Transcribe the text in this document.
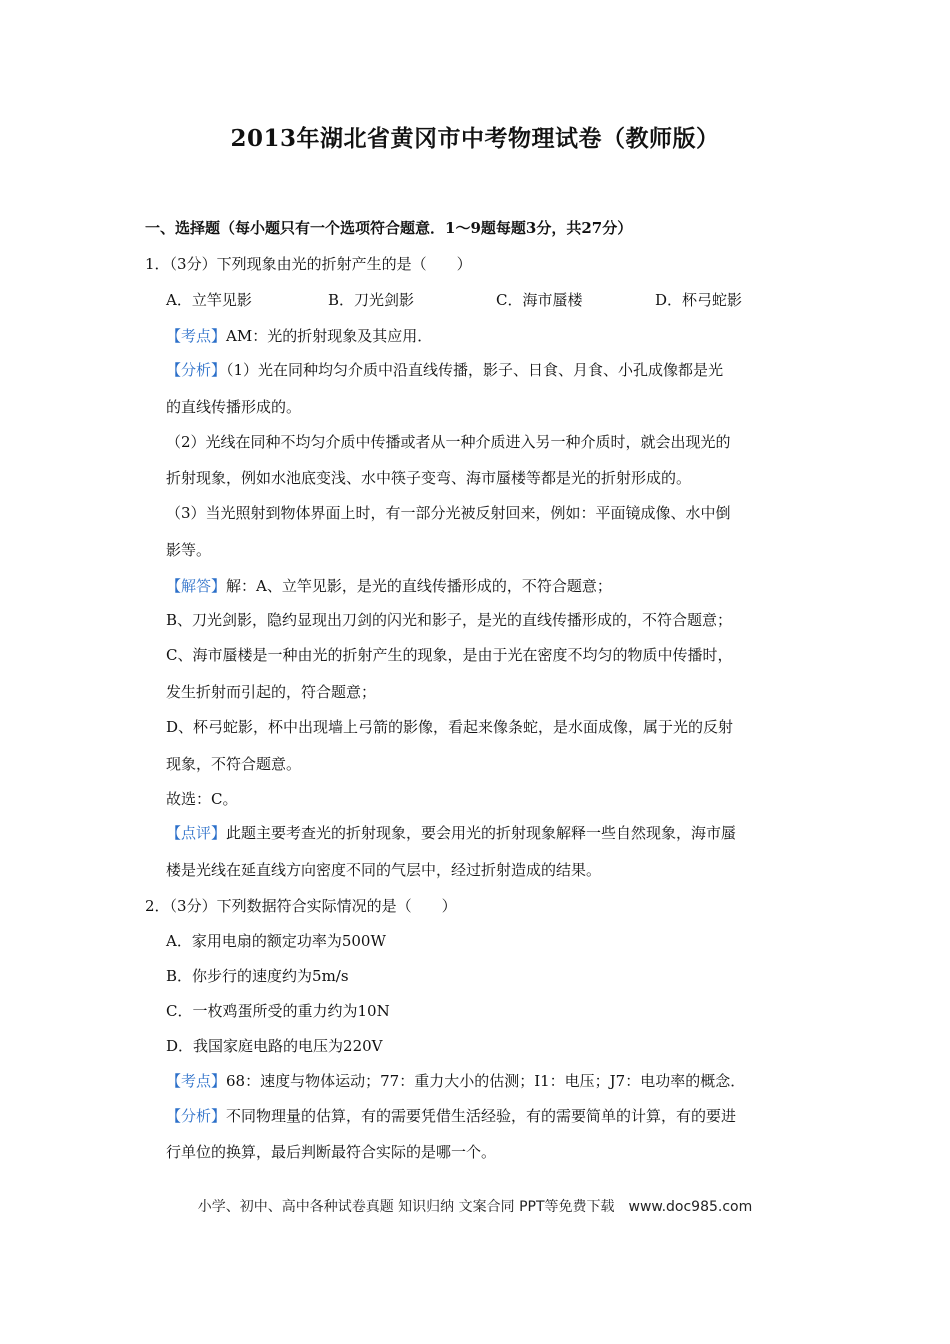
2013年湖北省黄冈市中考物理试卷（教师版）
一、选择题（每小题只有一个选项符合题意．1～9题每题3分，共27分）
1．（3分）下列现象由光的折射产生的是（　　）
A．立竿见影	B．刀光剑影	C．海市蜃楼	D．杯弓蛇影
【考点】AM：光的折射现象及其应用．
【分析】（1）光在同种均匀介质中沿直线传播，影子、日食、月食、小孔成像都是光
的直线传播形成的。
（2）光线在同种不均匀介质中传播或者从一种介质进入另一种介质时，就会出现光的
折射现象，例如水池底变浅、水中筷子变弯、海市蜃楼等都是光的折射形成的。
（3）当光照射到物体界面上时，有一部分光被反射回来，例如：平面镜成像、水中倒
影等。
【解答】解：A、立竿见影，是光的直线传播形成的，不符合题意；
B、刀光剑影，隐约显现出刀剑的闪光和影子，是光的直线传播形成的，不符合题意；
C、海市蜃楼是一种由光的折射产生的现象，是由于光在密度不均匀的物质中传播时，
发生折射而引起的，符合题意；
D、杯弓蛇影，杯中出现墙上弓箭的影像，看起来像条蛇，是水面成像，属于光的反射
现象，不符合题意。
故选：C。
【点评】此题主要考查光的折射现象，要会用光的折射现象解释一些自然现象，海市蜃
楼是光线在延直线方向密度不同的气层中，经过折射造成的结果。
2．（3分）下列数据符合实际情况的是（　　）
A．家用电扇的额定功率为500W
B．你步行的速度约为5m/s
C．一枚鸡蛋所受的重力约为10N
D．我国家庭电路的电压为220V
【考点】68：速度与物体运动；77：重力大小的估测；I1：电压；J7：电功率的概念．
【分析】不同物理量的估算，有的需要凭借生活经验，有的需要简单的计算，有的要进
行单位的换算，最后判断最符合实际的是哪一个。
小学、初中、高中各种试卷真题 知识归纳 文案合同 PPT等免费下载　www.doc985.com
